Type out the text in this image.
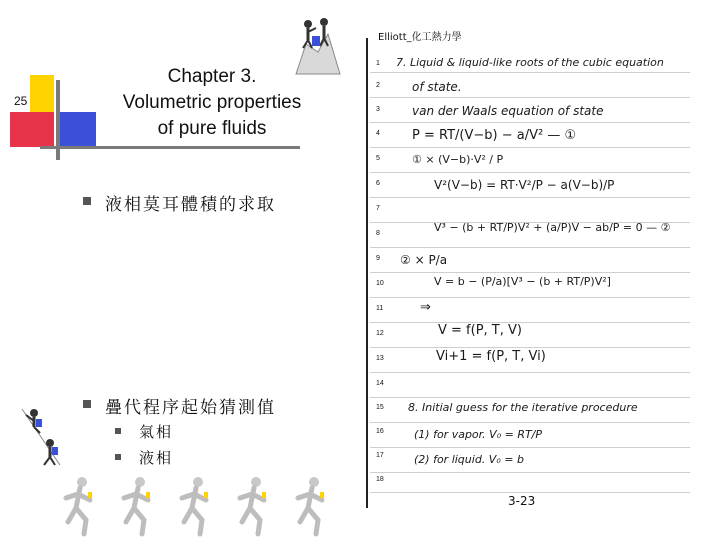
25
Chapter 3.
Volumetric properties
of pure fluids
液相莫耳體積的求取
疊代程序起始猜測值
氣相
液相
Elliott_化工熱力學
1
2
3
4
5
6
7
8
9
10
11
12
13
14
15
16
17
18
7. Liquid & liquid-like roots of the cubic equation
of state.
van der Waals equation of state
P = RT/(V−b) − a/V² — ①
① × (V−b)·V² / P
V²(V−b) = RT·V²/P − a(V−b)/P
V³ − (b + RT/P)V² + (a/P)V − ab/P = 0 — ②
② × P/a
V = b − (P/a)[V³ − (b + RT/P)V²]
⇒
V = f(P, T, V)
Vi+1 = f(P, T, Vi)
8. Initial guess for the iterative procedure
(1) for vapor. V₀ = RT/P
(2) for liquid. V₀ = b
3-23
